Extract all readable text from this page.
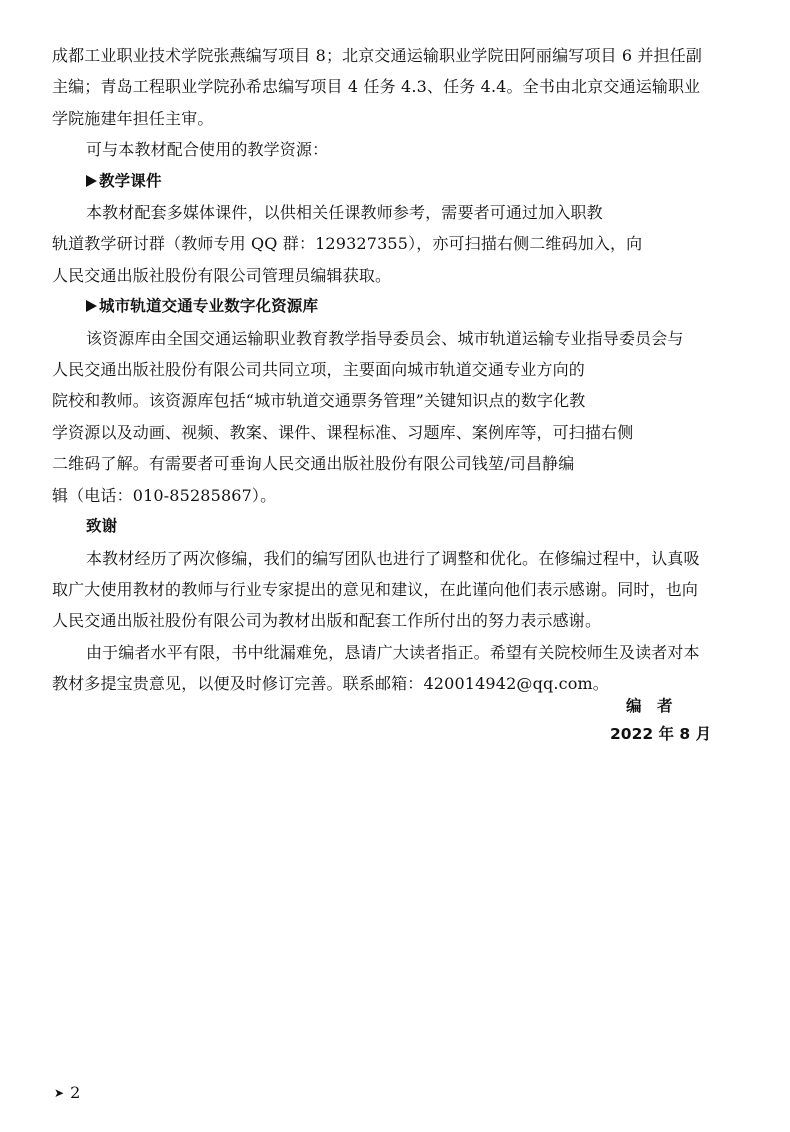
成都工业职业技术学院张燕编写项目 8；北京交通运输职业学院田阿丽编写项目 6 并担任副
主编；青岛工程职业学院孙希忠编写项目 4 任务 4.3、任务 4.4。全书由北京交通运输职业
学院施建年担任主审。
可与本教材配合使用的教学资源：
教学课件
本教材配套多媒体课件，以供相关任课教师参考，需要者可通过加入职教
轨道教学研讨群（教师专用 QQ 群：129327355），亦可扫描右侧二维码加入，向
人民交通出版社股份有限公司管理员编辑获取。
城市轨道交通专业数字化资源库
该资源库由全国交通运输职业教育教学指导委员会、城市轨道运输专业指导委员会与
人民交通出版社股份有限公司共同立项，主要面向城市轨道交通专业方向的
院校和教师。该资源库包括“城市轨道交通票务管理”关键知识点的数字化教
学资源以及动画、视频、教案、课件、课程标准、习题库、案例库等，可扫描右侧
二维码了解。有需要者可垂询人民交通出版社股份有限公司钱堃/司昌静编
辑（电话：010-85285867）。
致谢
本教材经历了两次修编，我们的编写团队也进行了调整和优化。在修编过程中，认真吸
取广大使用教材的教师与行业专家提出的意见和建议，在此谨向他们表示感谢。同时，也向
人民交通出版社股份有限公司为教材出版和配套工作所付出的努力表示感谢。
由于编者水平有限，书中纰漏难免，恳请广大读者指正。希望有关院校师生及读者对本
教材多提宝贵意见，以便及时修订完善。联系邮箱：420014942@qq.com。
编　者
2022 年 8 月
➤ 2
